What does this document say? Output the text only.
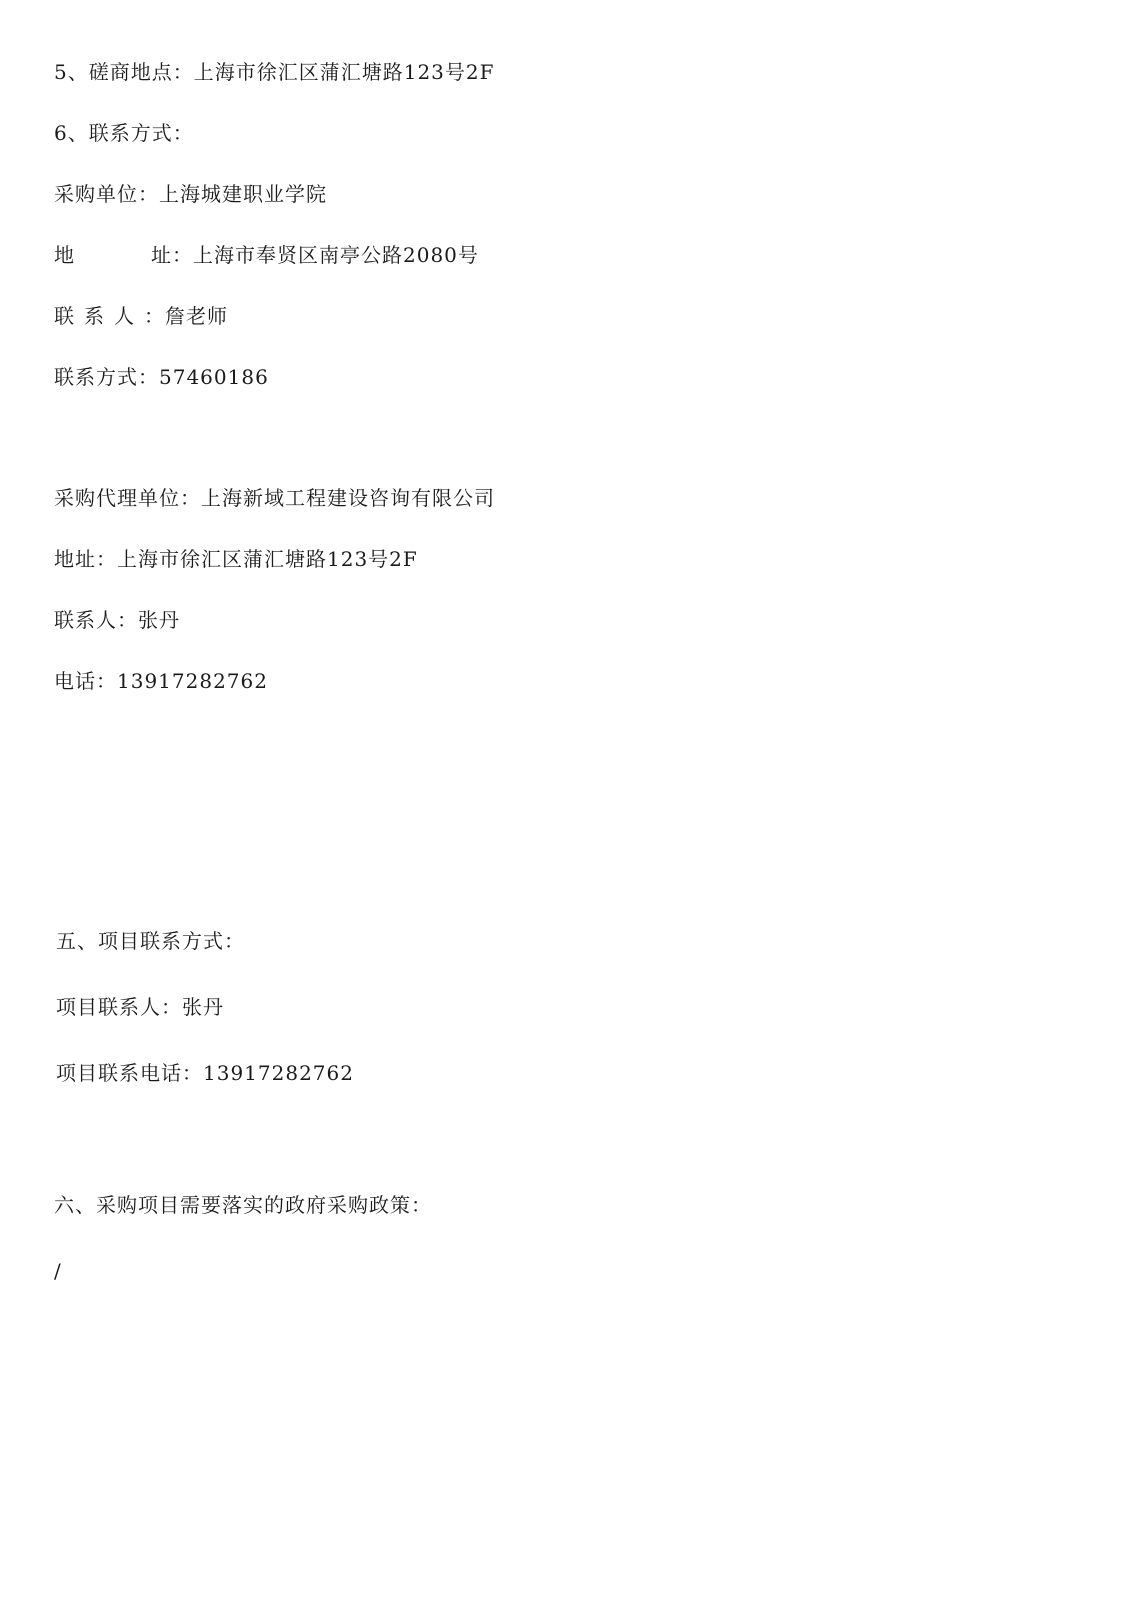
5、磋商地点：上海市徐汇区蒲汇塘路123号2F
6、联系方式：
采购单位：上海城建职业学院
地	址：上海市奉贤区南亭公路2080号
联系人：詹老师
联系方式：57460186
采购代理单位：上海新域工程建设咨询有限公司
地址：上海市徐汇区蒲汇塘路123号2F
联系人：张丹
电话：13917282762
五、项目联系方式：
项目联系人：张丹
项目联系电话：13917282762
六、采购项目需要落实的政府采购政策：
/
